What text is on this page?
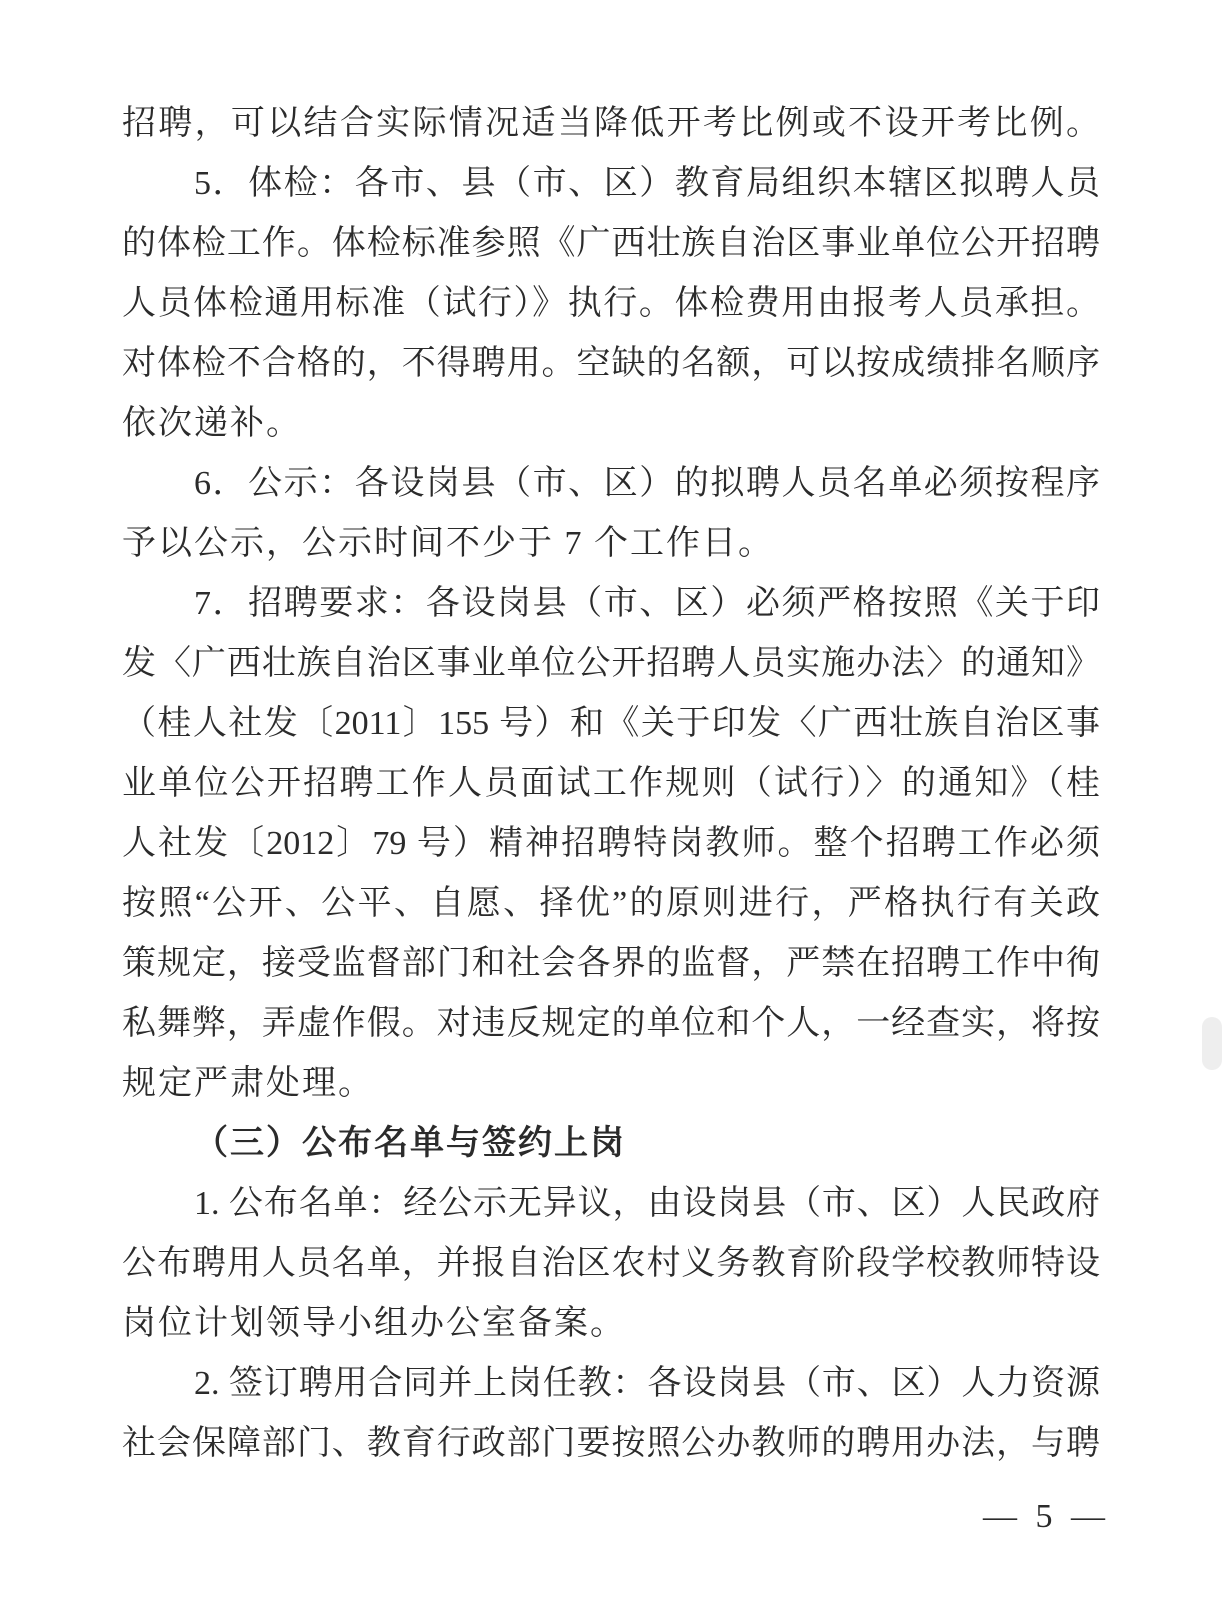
招聘，可以结合实际情况适当降低开考比例或不设开考比例。
5．体检：各市、县（市、区）教育局组织本辖区拟聘人员
的体检工作。体检标准参照《广西壮族自治区事业单位公开招聘
人员体检通用标准（试行）》执行。体检费用由报考人员承担。
对体检不合格的，不得聘用。空缺的名额，可以按成绩排名顺序
依次递补。
6．公示：各设岗县（市、区）的拟聘人员名单必须按程序
予以公示，公示时间不少于 7 个工作日。
7．招聘要求：各设岗县（市、区）必须严格按照《关于印
发〈广西壮族自治区事业单位公开招聘人员实施办法〉的通知》
（桂人社发〔2011〕155 号）和《关于印发〈广西壮族自治区事
业单位公开招聘工作人员面试工作规则（试行）〉的通知》（桂
人社发〔2012〕79 号）精神招聘特岗教师。整个招聘工作必须
按照“公开、公平、自愿、择优”的原则进行，严格执行有关政
策规定，接受监督部门和社会各界的监督，严禁在招聘工作中徇
私舞弊，弄虚作假。对违反规定的单位和个人，一经查实，将按
规定严肃处理。
（三）公布名单与签约上岗
1. 公布名单：经公示无异议，由设岗县（市、区）人民政府
公布聘用人员名单，并报自治区农村义务教育阶段学校教师特设
岗位计划领导小组办公室备案。
2. 签订聘用合同并上岗任教：各设岗县（市、区）人力资源
社会保障部门、教育行政部门要按照公办教师的聘用办法，与聘
— 5 —
